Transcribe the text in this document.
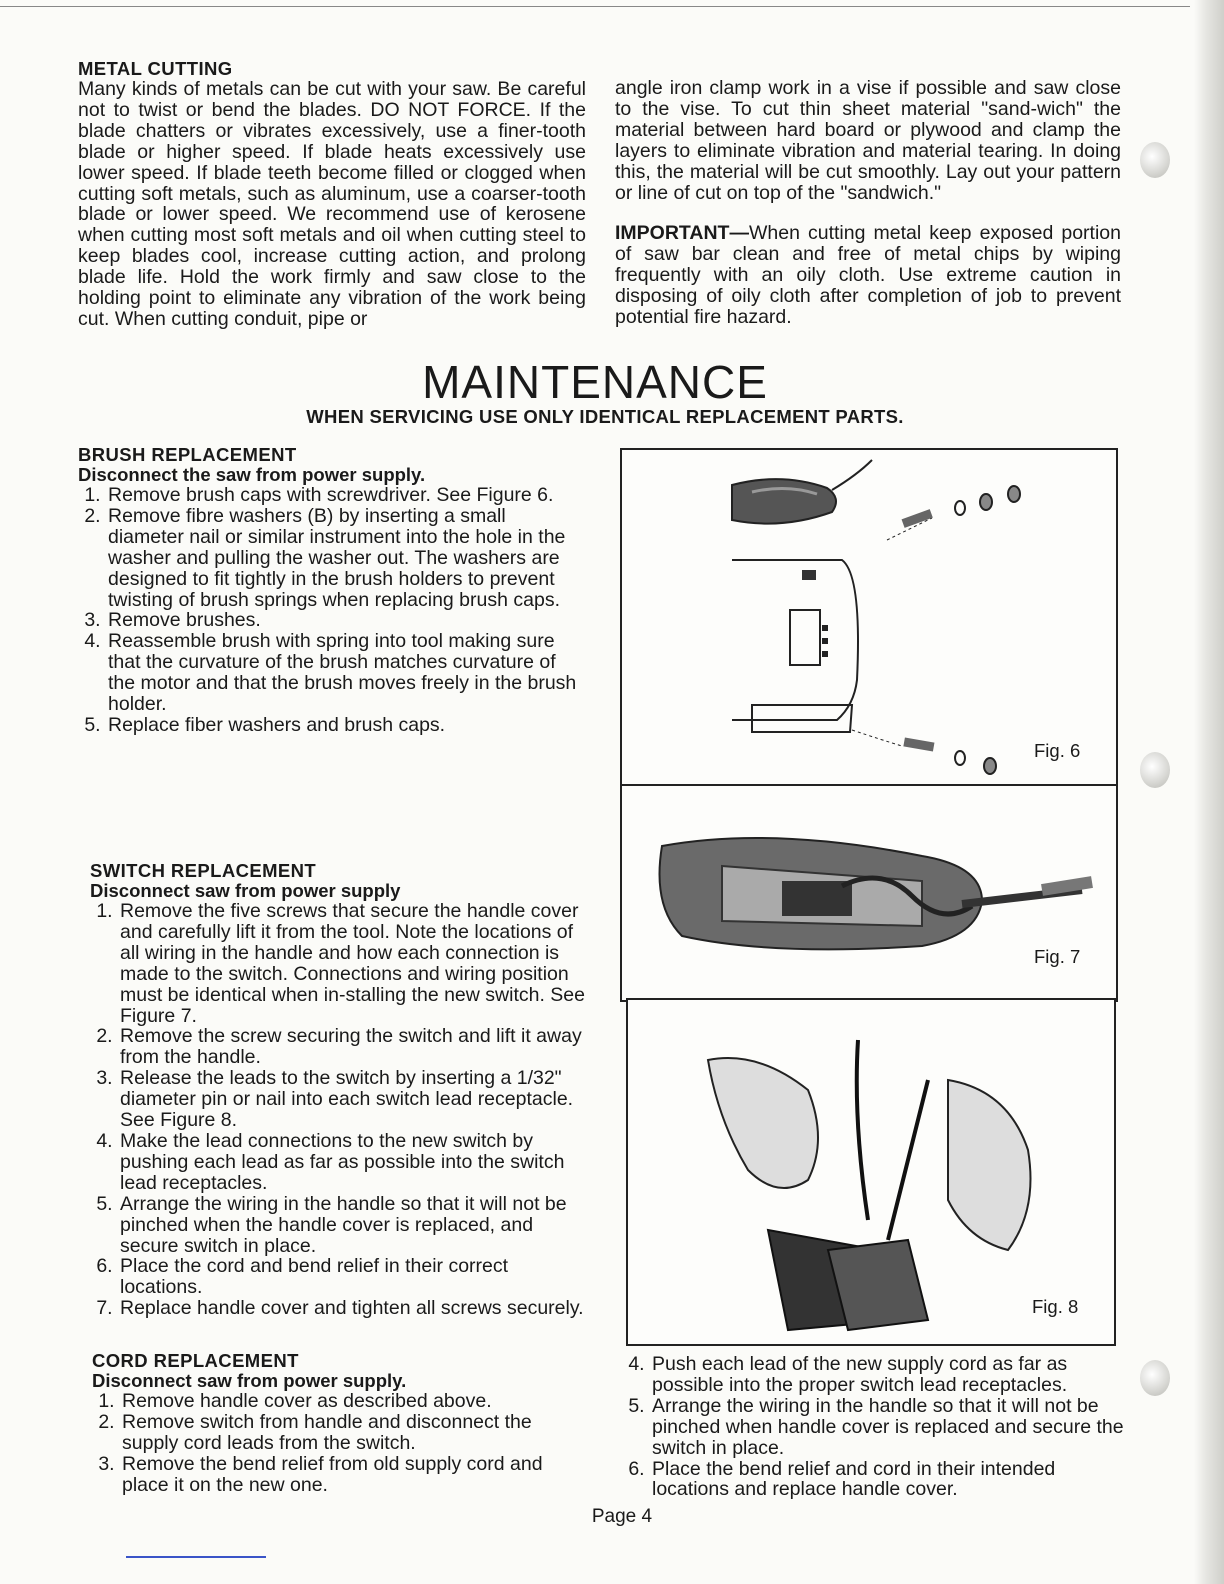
METAL CUTTING

Many kinds of metals can be cut with your saw. Be careful not to twist or bend the blades. DO NOT FORCE. If the blade chatters or vibrates excessively, use a finer-tooth blade or higher speed. If blade heats excessively use lower speed. If blade teeth become filled or clogged when cutting soft metals, such as aluminum, use a coarser-tooth blade or lower speed. We recommend use of kerosene when cutting most soft metals and oil when cutting steel to keep blades cool, increase cutting action, and prolong blade life. Hold the work firmly and saw close to the holding point to eliminate any vibration of the work being cut. When cutting conduit, pipe or

angle iron clamp work in a vise if possible and saw close to the vise. To cut thin sheet material "sand-wich" the material between hard board or plywood and clamp the layers to eliminate vibration and material tearing. In doing this, the material will be cut smoothly. Lay out your pattern or line of cut on top of the "sandwich."

IMPORTANT—When cutting metal keep exposed portion of saw bar clean and free of metal chips by wiping frequently with an oily cloth. Use extreme caution in disposing of oily cloth after completion of job to prevent potential fire hazard.

MAINTENANCE
WHEN SERVICING USE ONLY IDENTICAL REPLACEMENT PARTS.
BRUSH REPLACEMENT
Disconnect the saw from power supply.
1. Remove brush caps with screwdriver. See Figure 6.
2. Remove fibre washers (B) by inserting a small diameter nail or similar instrument into the hole in the washer and pulling the washer out. The washers are designed to fit tightly in the brush holders to prevent twisting of brush springs when replacing brush caps.
3. Remove brushes.
4. Reassemble brush with spring into tool making sure that the curvature of the brush matches curvature of the motor and that the brush moves freely in the brush holder.
5. Replace fiber washers and brush caps.
SWITCH REPLACEMENT
Disconnect saw from power supply
1. Remove the five screws that secure the handle cover and carefully lift it from the tool. Note the locations of all wiring in the handle and how each connection is made to the switch. Connections and wiring position must be identical when in-stalling the new switch. See Figure 7.
2. Remove the screw securing the switch and lift it away from the handle.
3. Release the leads to the switch by inserting a 1/32" diameter pin or nail into each switch lead receptacle. See Figure 8.
4. Make the lead connections to the new switch by pushing each lead as far as possible into the switch lead receptacles.
5. Arrange the wiring in the handle so that it will not be pinched when the handle cover is replaced, and secure switch in place.
6. Place the cord and bend relief in their correct locations.
7. Replace handle cover and tighten all screws securely.
CORD REPLACEMENT
Disconnect saw from power supply.
1. Remove handle cover as described above.
2. Remove switch from handle and disconnect the supply cord leads from the switch.
3. Remove the bend relief from old supply cord and place it on the new one.
4. Push each lead of the new supply cord as far as possible into the proper switch lead receptacles.
5. Arrange the wiring in the handle so that it will not be pinched when handle cover is replaced and secure the switch in place.
6. Place the bend relief and cord in their intended locations and replace handle cover.
Fig. 6
Fig. 7
Fig. 8
Page 4
